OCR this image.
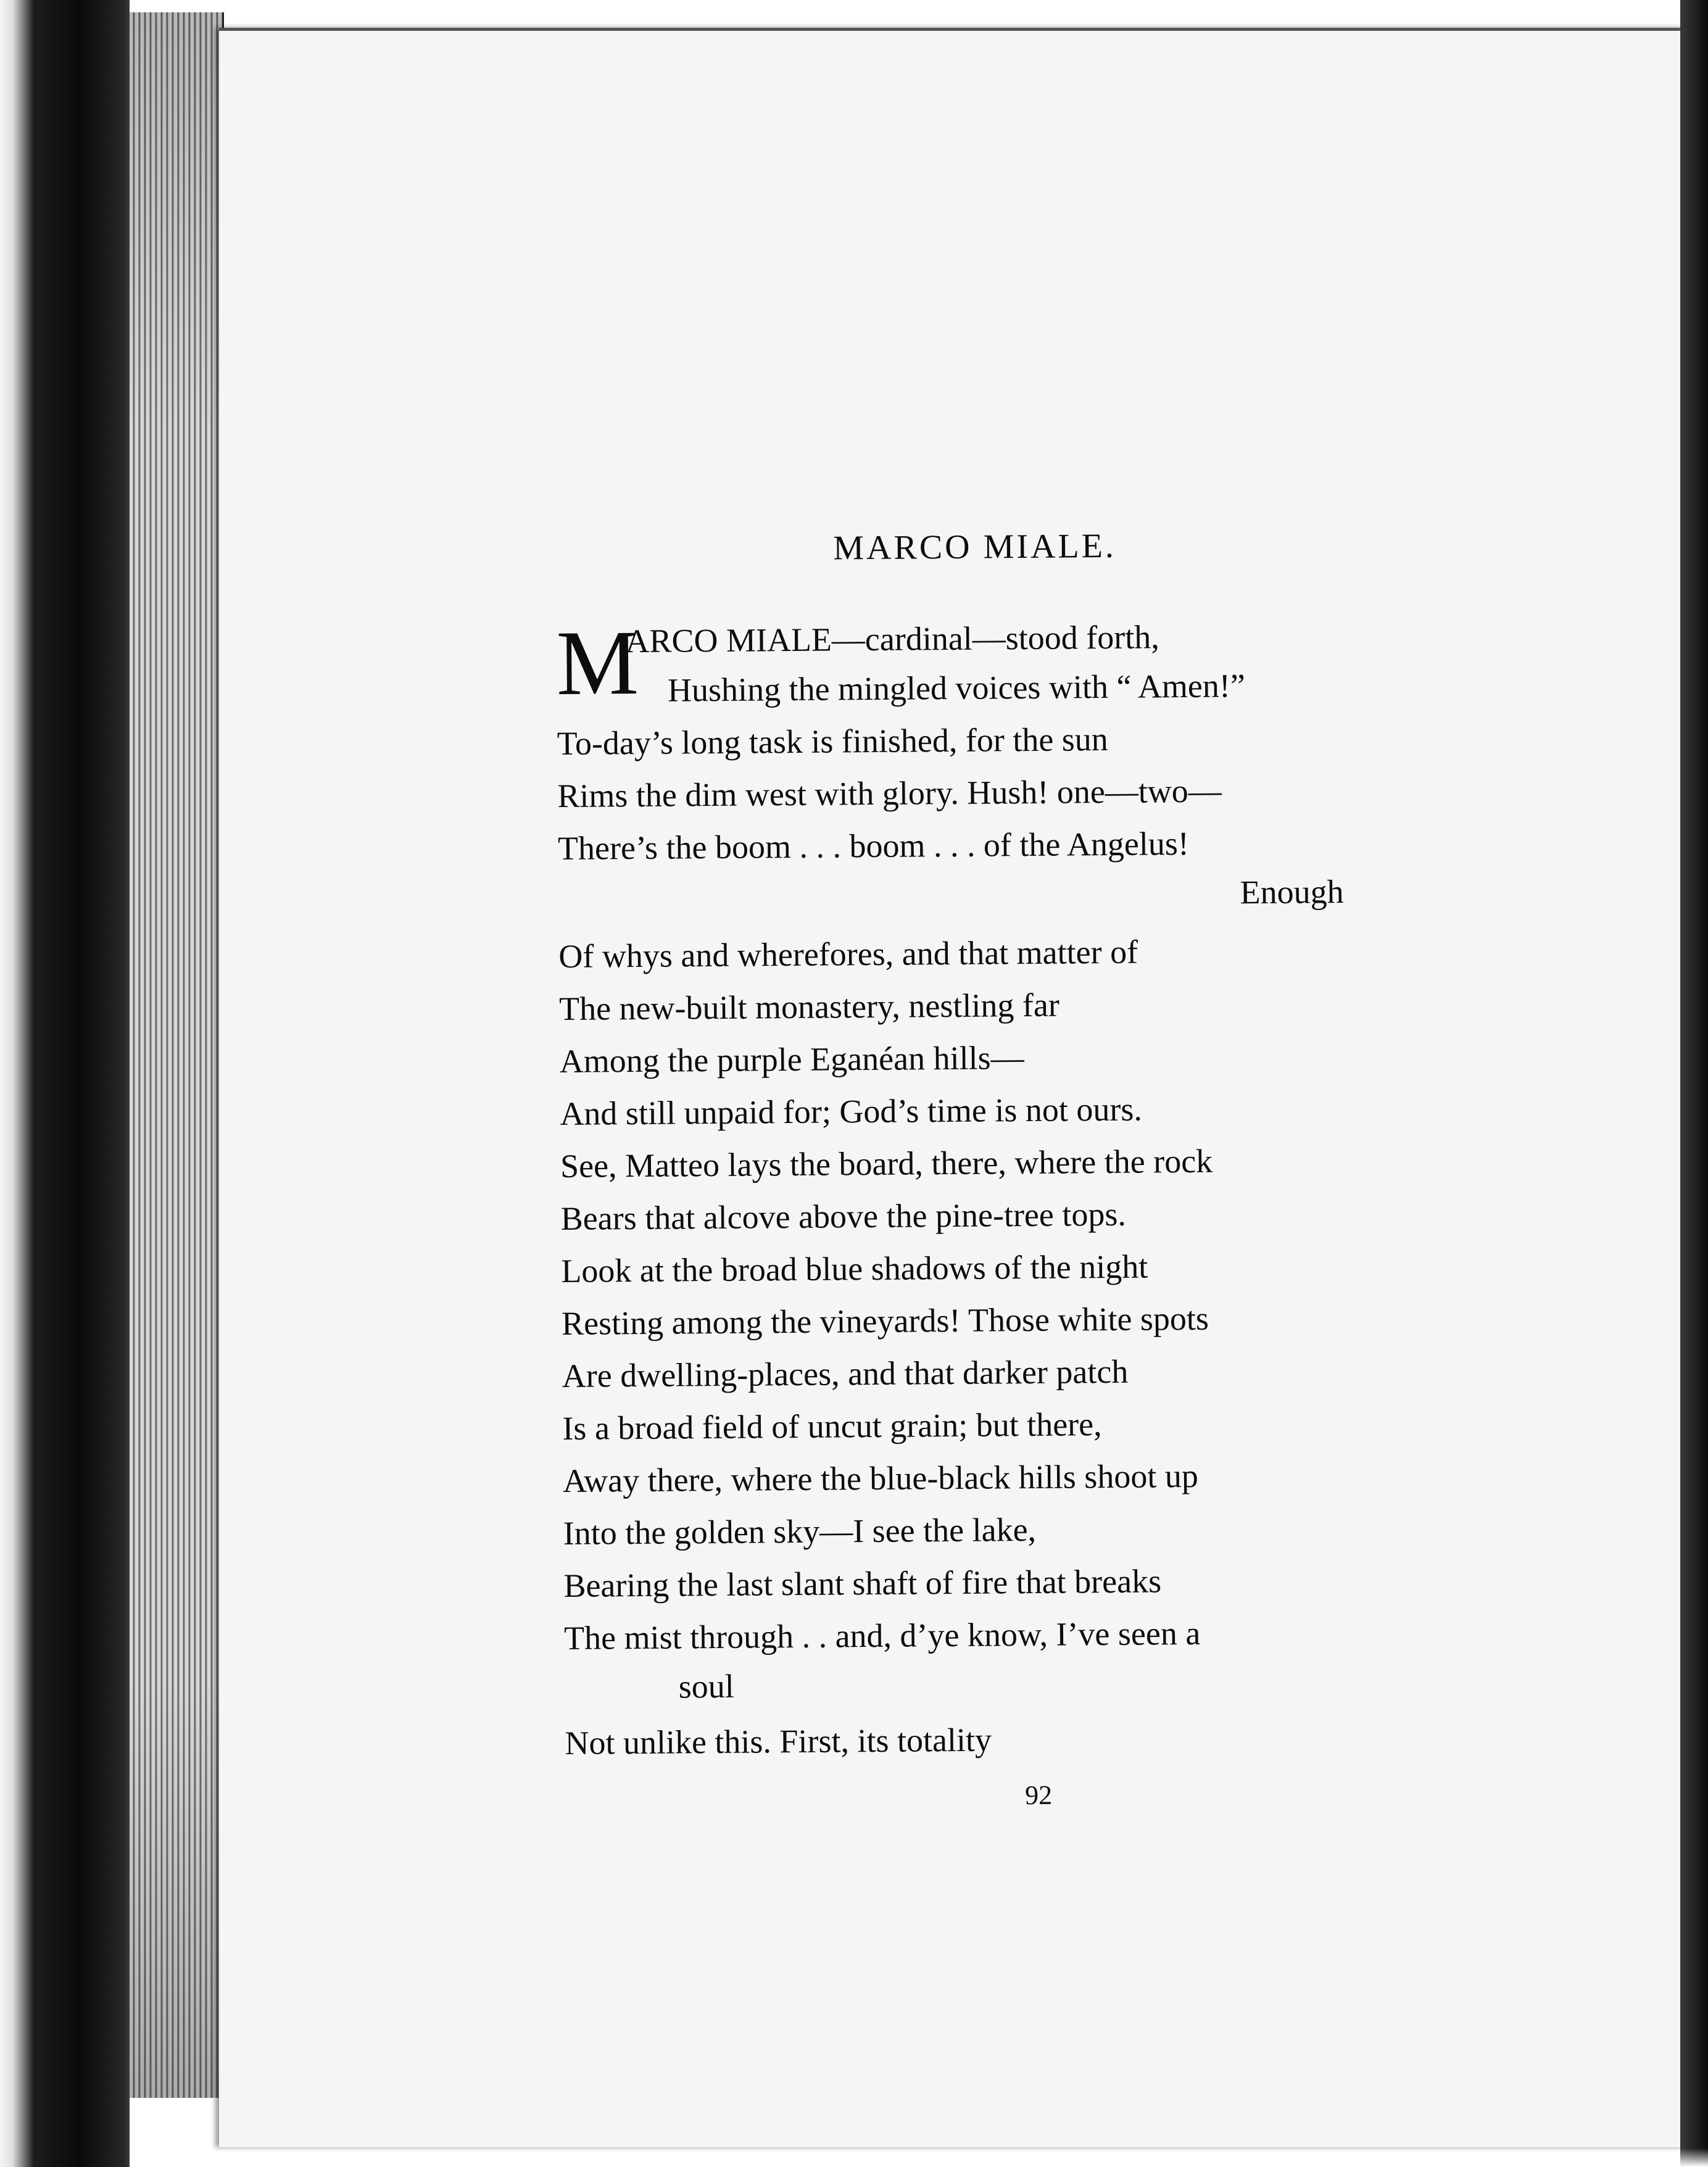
MARCO MIALE.
M
ARCO MIALE—cardinal—stood forth,
Hushing the mingled voices with “ Amen!”
To-day’s long task is finished, for the sun
Rims the dim west with glory. Hush! one—two—
There’s the boom . . . boom . . . of the Angelus!
Enough
Of whys and wherefores, and that matter of
The new-built monastery, nestling far
Among the purple Eganéan hills—
And still unpaid for; God’s time is not ours.
See, Matteo lays the board, there, where the rock
Bears that alcove above the pine-tree tops.
Look at the broad blue shadows of the night
Resting among the vineyards! Those white spots
Are dwelling-places, and that darker patch
Is a broad field of uncut grain; but there,
Away there, where the blue-black hills shoot up
Into the golden sky—I see the lake,
Bearing the last slant shaft of fire that breaks
The mist through . . and, d’ye know, I’ve seen a
soul
Not unlike this. First, its totality
92
